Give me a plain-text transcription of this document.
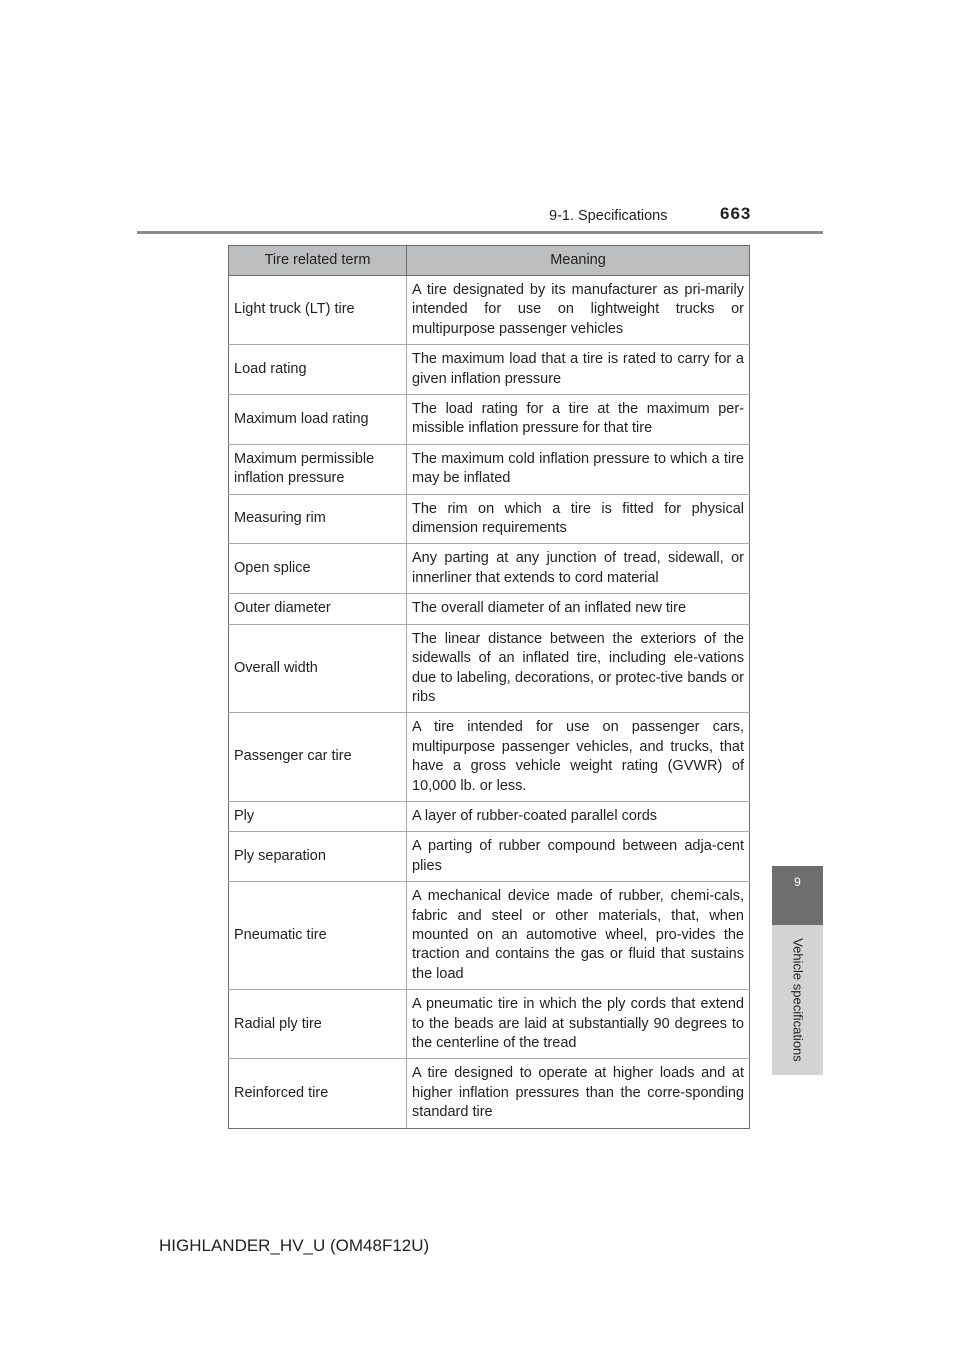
9-1. Specifications	663
9
Vehicle specifications
Tire related term	Meaning
Light truck (LT) tire	A tire designated by its manufacturer as pri-marily intended for use on lightweight trucks or multipurpose passenger vehicles
Load rating	The maximum load that a tire is rated to carry for a given inflation pressure
Maximum load rating	The load rating for a tire at the maximum per-missible inflation pressure for that tire
Maximum permissible inflation pressure	The maximum cold inflation pressure to which a tire may be inflated
Measuring rim	The rim on which a tire is fitted for physical dimension requirements
Open splice	Any parting at any junction of tread, sidewall, or innerliner that extends to cord material
Outer diameter	The overall diameter of an inflated new tire
Overall width	The linear distance between the exteriors of the sidewalls of an inflated tire, including ele-vations due to labeling, decorations, or protec-tive bands or ribs
Passenger car tire	A tire intended for use on passenger cars, multipurpose passenger vehicles, and trucks, that have a gross vehicle weight rating (GVWR) of 10,000 lb. or less.
Ply	A layer of rubber-coated parallel cords
Ply separation	A parting of rubber compound between adja-cent plies
Pneumatic tire	A mechanical device made of rubber, chemi-cals, fabric and steel or other materials, that, when mounted on an automotive wheel, pro-vides the traction and contains the gas or fluid that sustains the load
Radial ply tire	A pneumatic tire in which the ply cords that extend to the beads are laid at substantially 90 degrees to the centerline of the tread
Reinforced tire	A tire designed to operate at higher loads and at higher inflation pressures than the corre-sponding standard tire
HIGHLANDER_HV_U (OM48F12U)
